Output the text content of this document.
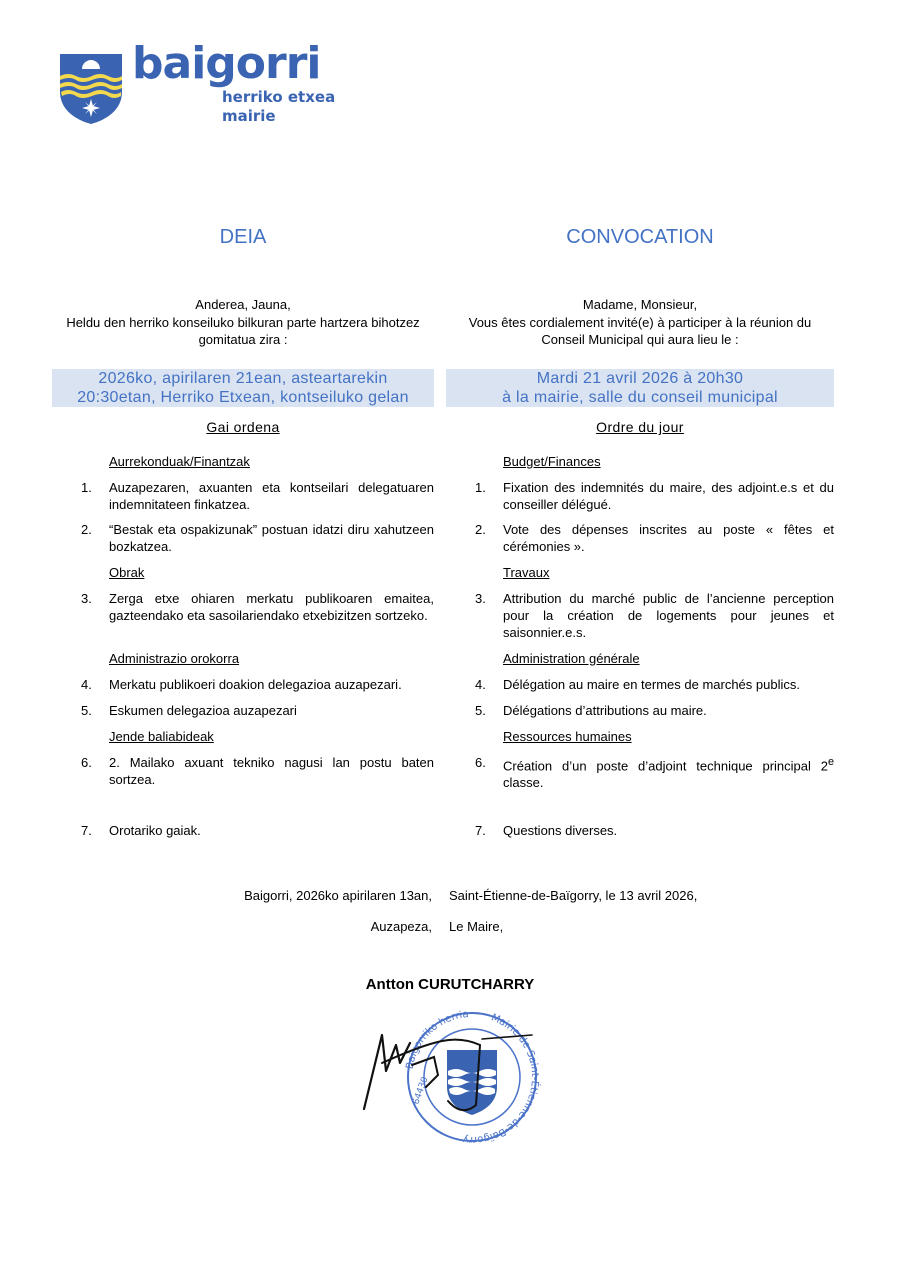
baigorri
herriko etxea
mairie
DEIA
Anderea, Jauna,
Heldu den herriko konseiluko bilkuran parte hartzera bihotzez gomitatua zira :
2026ko, apirilaren 21ean, asteartarekin
20:30etan, Herriko Etxean, kontseiluko gelan
Gai ordena
Aurrekonduak/Finantzak
1. Auzapezaren, axuanten eta kontseilari delegatuaren indemnitateen finkatzea.
2. “Bestak eta ospakizunak” postuan idatzi diru xahutzeen bozkatzea.
Obrak
3. Zerga etxe ohiaren merkatu publikoaren emaitea, gazteendako eta sasoilariendako etxebizitzen sortzeko.
Administrazio orokorra
4. Merkatu publikoeri doakion delegazioa auzapezari.
5. Eskumen delegazioa auzapezari
Jende baliabideak
6. 2. Mailako axuant tekniko nagusi lan postu baten sortzea.
7. Orotariko gaiak.
CONVOCATION
Madame, Monsieur,
Vous êtes cordialement invité(e) à participer à la réunion du Conseil Municipal qui aura lieu le :
Mardi 21 avril 2026 à 20h30
à la mairie, salle du conseil municipal
Ordre du jour
Budget/Finances
1. Fixation des indemnités du maire, des adjoint.e.s et du conseiller délégué.
2. Vote des dépenses inscrites au poste « fêtes et cérémonies ».
Travaux
3. Attribution du marché public de l’ancienne perception pour la création de logements pour jeunes et saisonnier.e.s.
Administration générale
4. Délégation au maire en termes de marchés publics.
5. Délégations d’attributions au maire.
Ressources humaines
6. Création d’un poste d’adjoint technique principal 2e classe.
7. Questions diverses.
Baigorri, 2026ko apirilaren 13an, Saint-Étienne-de-Baïgorry, le 13 avril 2026,
Auzapeza, Le Maire,
Antton CURUTCHARRY
Baigorriko herria	Mairie de Saint-Étienne-de-Baïgorry
64430
